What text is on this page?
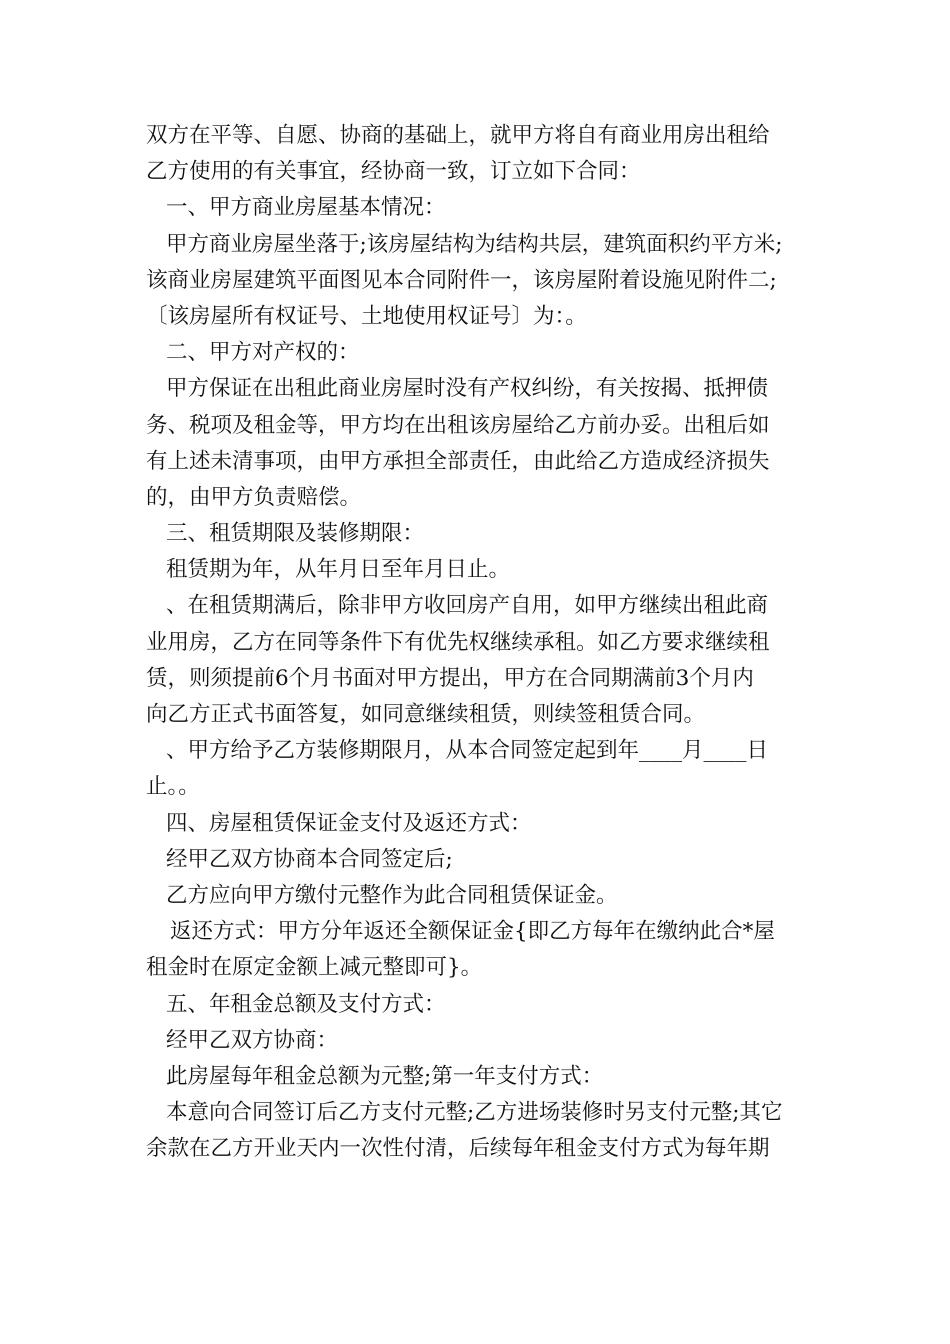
双方在平等、自愿、协商的基础上，就甲方将自有商业用房出租给
乙方使用的有关事宜，经协商一致，订立如下合同：
一、甲方商业房屋基本情况：
甲方商业房屋坐落于;该房屋结构为结构共层，建筑面积约平方米;
该商业房屋建筑平面图见本合同附件一，该房屋附着设施见附件二;
〔该房屋所有权证号、土地使用权证号〕为：。
二、甲方对产权的：
甲方保证在出租此商业房屋时没有产权纠纷，有关按揭、抵押债
务、税项及租金等，甲方均在出租该房屋给乙方前办妥。出租后如
有上述未清事项，由甲方承担全部责任，由此给乙方造成经济损失
的，由甲方负责赔偿。
三、租赁期限及装修期限：
租赁期为年，从年月日至年月日止。
、在租赁期满后，除非甲方收回房产自用，如甲方继续出租此商
业用房，乙方在同等条件下有优先权继续承租。如乙方要求继续租
赁，则须提前6个月书面对甲方提出，甲方在合同期满前3个月内
向乙方正式书面答复，如同意继续租赁，则续签租赁合同。
、甲方给予乙方装修期限月，从本合同签定起到年____月____日
止。。
四、房屋租赁保证金支付及返还方式：
经甲乙双方协商本合同签定后;
乙方应向甲方缴付元整作为此合同租赁保证金。
返还方式：甲方分年返还全额保证金{即乙方每年在缴纳此合*屋
租金时在原定金额上减元整即可}。
五、年租金总额及支付方式：
经甲乙双方协商：
此房屋每年租金总额为元整;第一年支付方式：
本意向合同签订后乙方支付元整;乙方进场装修时另支付元整;其它
余款在乙方开业天内一次性付清，后续每年租金支付方式为每年期
